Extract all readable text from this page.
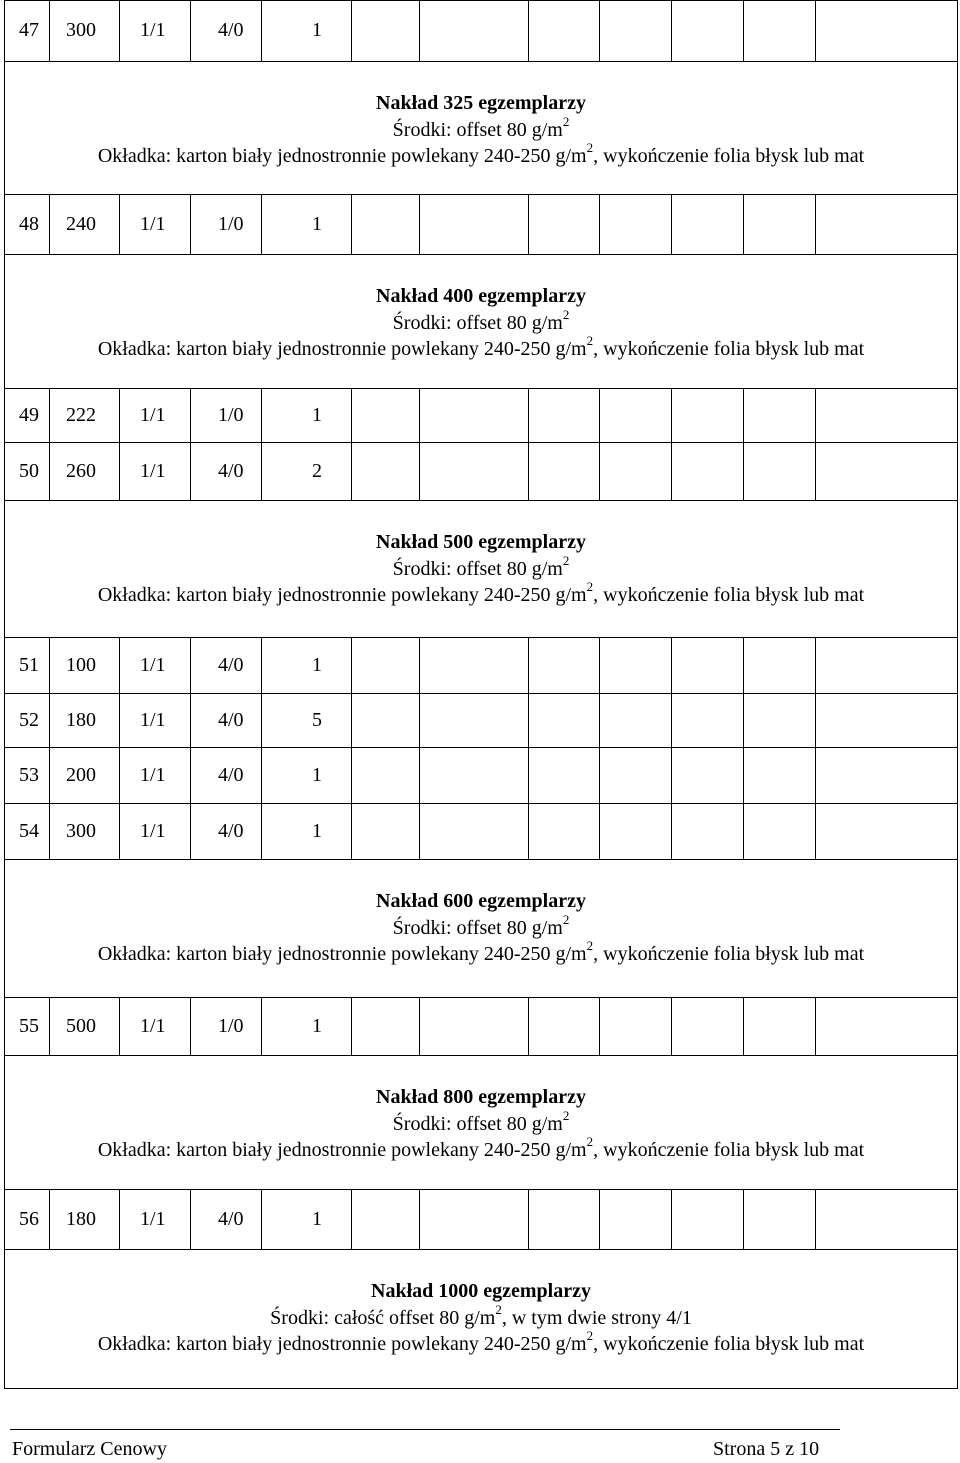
47 300 1/1	4/0	1
Nakład 325 egzemplarzy
Środki: offset 80 $g/m^2$
Okładka: karton biały jednostronnie powlekany 240-250 $g/m^2$, wykończenie folia błysk lub mat
48 240 1/1	1/0	1
Nakład 400 egzemplarzy
Środki: offset 80 $g/m^2$
Okładka: karton biały jednostronnie powlekany 240-250 $g/m^2$, wykończenie folia błysk lub mat
49 222 1/1	1/0	1
50 260 1/1	4/0	2
Nakład 500 egzemplarzy
Środki: offset 80 $g/m^2$
Okładka: karton biały jednostronnie powlekany 240-250 $g/m^2$, wykończenie folia błysk lub mat
51 100 1/1	4/0	1
52 180 1/1	4/0	5
53 200 1/1	4/0	1
54 300 1/1	4/0	1
Nakład 600 egzemplarzy
Środki: offset 80 $g/m^2$
Okładka: karton biały jednostronnie powlekany 240-250 $g/m^2$, wykończenie folia błysk lub mat
55 500 1/1	1/0	1
Nakład 800 egzemplarzy
Środki: offset 80 $g/m^2$
Okładka: karton biały jednostronnie powlekany 240-250 $g/m^2$, wykończenie folia błysk lub mat
56 180 1/1	4/0	1
Nakład 1000 egzemplarzy
Środki: całość offset 80 $g/m^2$, w tym dwie strony 4/1
Okładka: karton biały jednostronnie powlekany 240-250 $g/m^2$, wykończenie folia błysk lub mat
Formularz Cenowy	Strona 5 z 10
